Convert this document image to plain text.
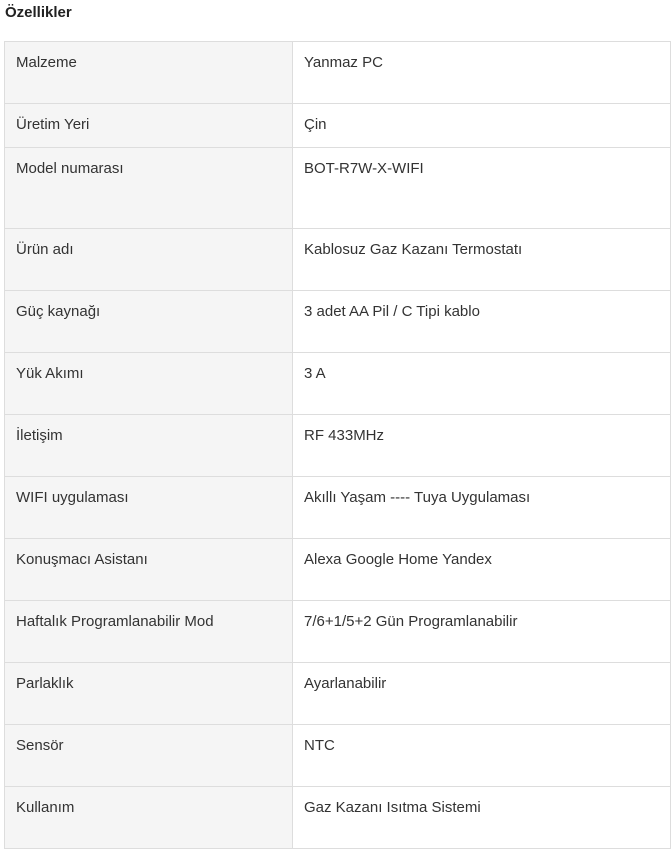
Özellikler
Malzeme	Yanmaz PC
Üretim Yeri	Çin
Model numarası	BOT-R7W-X-WIFI
Ürün adı	Kablosuz Gaz Kazanı Termostatı
Güç kaynağı	3 adet AA Pil / C Tipi kablo
Yük Akımı	3 A
İletişim	RF 433MHz
WIFI uygulaması	Akıllı Yaşam ---- Tuya Uygulaması
Konuşmacı Asistanı	Alexa Google Home Yandex
Haftalık Programlanabilir Mod	7/6+1/5+2 Gün Programlanabilir
Parlaklık	Ayarlanabilir
Sensör	NTC
Kullanım	Gaz Kazanı Isıtma Sistemi
